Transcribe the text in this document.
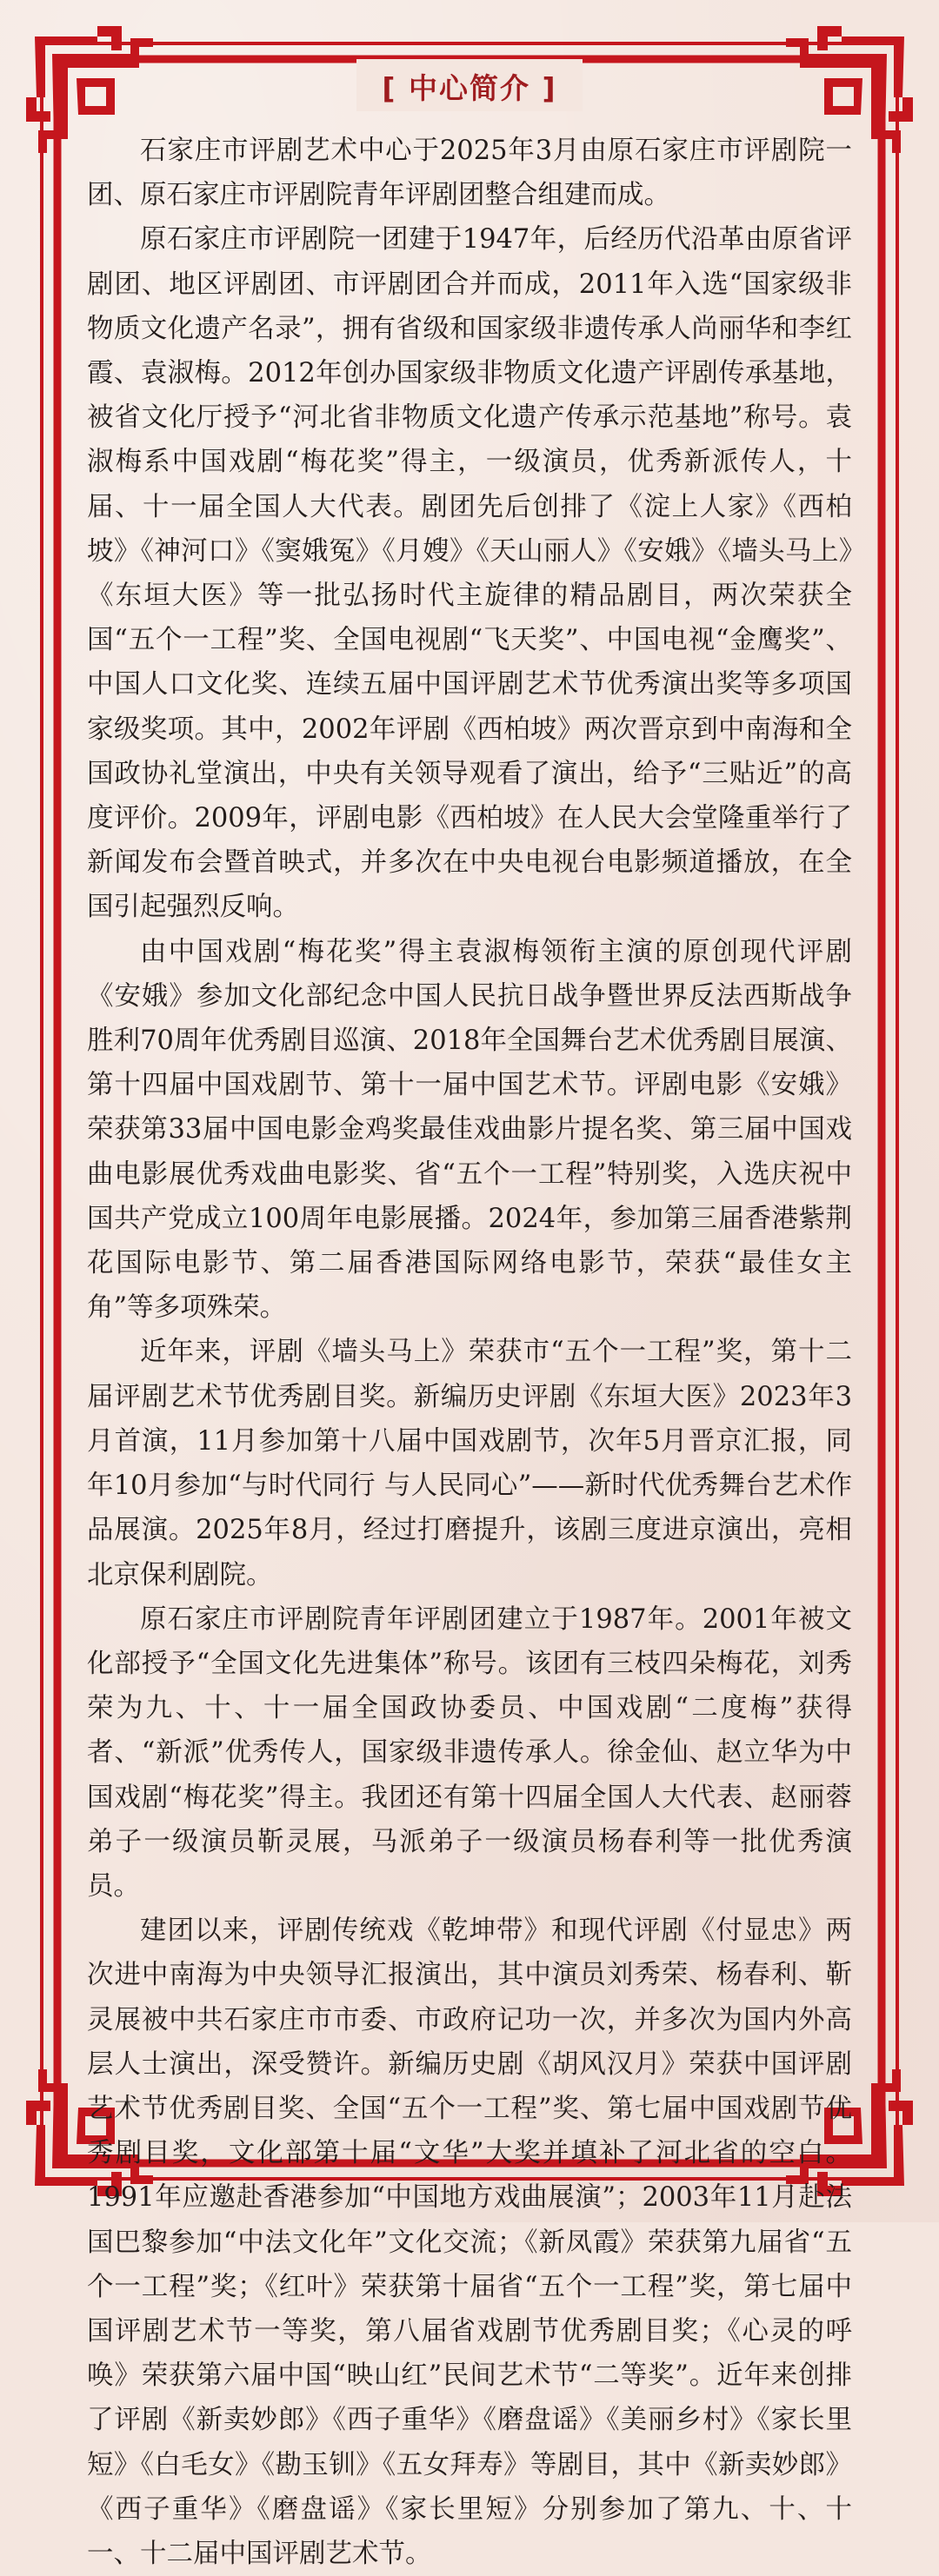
[ 中心简介 ]

石家庄市评剧艺术中心于2025年3月由原石家庄市评剧院一团、原石家庄市评剧院青年评剧团整合组建而成。

原石家庄市评剧院一团建于1947年，后经历代沿革由原省评剧团、地区评剧团、市评剧团合并而成，2011年入选“国家级非物质文化遗产名录”，拥有省级和国家级非遗传承人尚丽华和李红霞、袁淑梅。2012年创办国家级非物质文化遗产评剧传承基地，被省文化厅授予“河北省非物质文化遗产传承示范基地”称号。袁淑梅系中国戏剧“梅花奖”得主，一级演员，优秀新派传人，十届、十一届全国人大代表。剧团先后创排了《淀上人家》《西柏坡》《神河口》《窦娥冤》《月嫂》《天山丽人》《安娥》《墙头马上》《东垣大医》等一批弘扬时代主旋律的精品剧目，两次荣获全国“五个一工程”奖、全国电视剧“飞天奖”、中国电视“金鹰奖”、中国人口文化奖、连续五届中国评剧艺术节优秀演出奖等多项国家级奖项。其中，2002年评剧《西柏坡》两次晋京到中南海和全国政协礼堂演出，中央有关领导观看了演出，给予“三贴近”的高度评价。2009年，评剧电影《西柏坡》在人民大会堂隆重举行了新闻发布会暨首映式，并多次在中央电视台电影频道播放，在全国引起强烈反响。

由中国戏剧“梅花奖”得主袁淑梅领衔主演的原创现代评剧《安娥》参加文化部纪念中国人民抗日战争暨世界反法西斯战争胜利70周年优秀剧目巡演、2018年全国舞台艺术优秀剧目展演、第十四届中国戏剧节、第十一届中国艺术节。评剧电影《安娥》荣获第33届中国电影金鸡奖最佳戏曲影片提名奖、第三届中国戏曲电影展优秀戏曲电影奖、省“五个一工程”特别奖，入选庆祝中国共产党成立100周年电影展播。2024年，参加第三届香港紫荆花国际电影节、第二届香港国际网络电影节，荣获“最佳女主角”等多项殊荣。

近年来，评剧《墙头马上》荣获市“五个一工程”奖，第十二届评剧艺术节优秀剧目奖。新编历史评剧《东垣大医》2023年3月首演，11月参加第十八届中国戏剧节，次年5月晋京汇报，同年10月参加“与时代同行 与人民同心”——新时代优秀舞台艺术作品展演。2025年8月，经过打磨提升，该剧三度进京演出，亮相北京保利剧院。

原石家庄市评剧院青年评剧团建立于1987年。2001年被文化部授予“全国文化先进集体”称号。该团有三枝四朵梅花，刘秀荣为九、十、十一届全国政协委员、中国戏剧“二度梅”获得者、“新派”优秀传人，国家级非遗传承人。徐金仙、赵立华为中国戏剧“梅花奖”得主。我团还有第十四届全国人大代表、赵丽蓉弟子一级演员靳灵展，马派弟子一级演员杨春利等一批优秀演员。

建团以来，评剧传统戏《乾坤带》和现代评剧《付显忠》两次进中南海为中央领导汇报演出，其中演员刘秀荣、杨春利、靳灵展被中共石家庄市市委、市政府记功一次，并多次为国内外高层人士演出，深受赞许。新编历史剧《胡风汉月》荣获中国评剧艺术节优秀剧目奖、全国“五个一工程”奖、第七届中国戏剧节优秀剧目奖，文化部第十届“文华”大奖并填补了河北省的空白。1991年应邀赴香港参加“中国地方戏曲展演”；2003年11月赴法国巴黎参加“中法文化年”文化交流；《新凤霞》荣获第九届省“五个一工程”奖；《红叶》荣获第十届省“五个一工程”奖，第七届中国评剧艺术节一等奖，第八届省戏剧节优秀剧目奖；《心灵的呼唤》荣获第六届中国“映山红”民间艺术节“二等奖”。近年来创排了评剧《新卖妙郎》《西子重华》《磨盘谣》《美丽乡村》《家长里短》《白毛女》《勘玉钏》《五女拜寿》等剧目，其中《新卖妙郎》《西子重华》《磨盘谣》《家长里短》分别参加了第九、十、十一、十二届中国评剧艺术节。
